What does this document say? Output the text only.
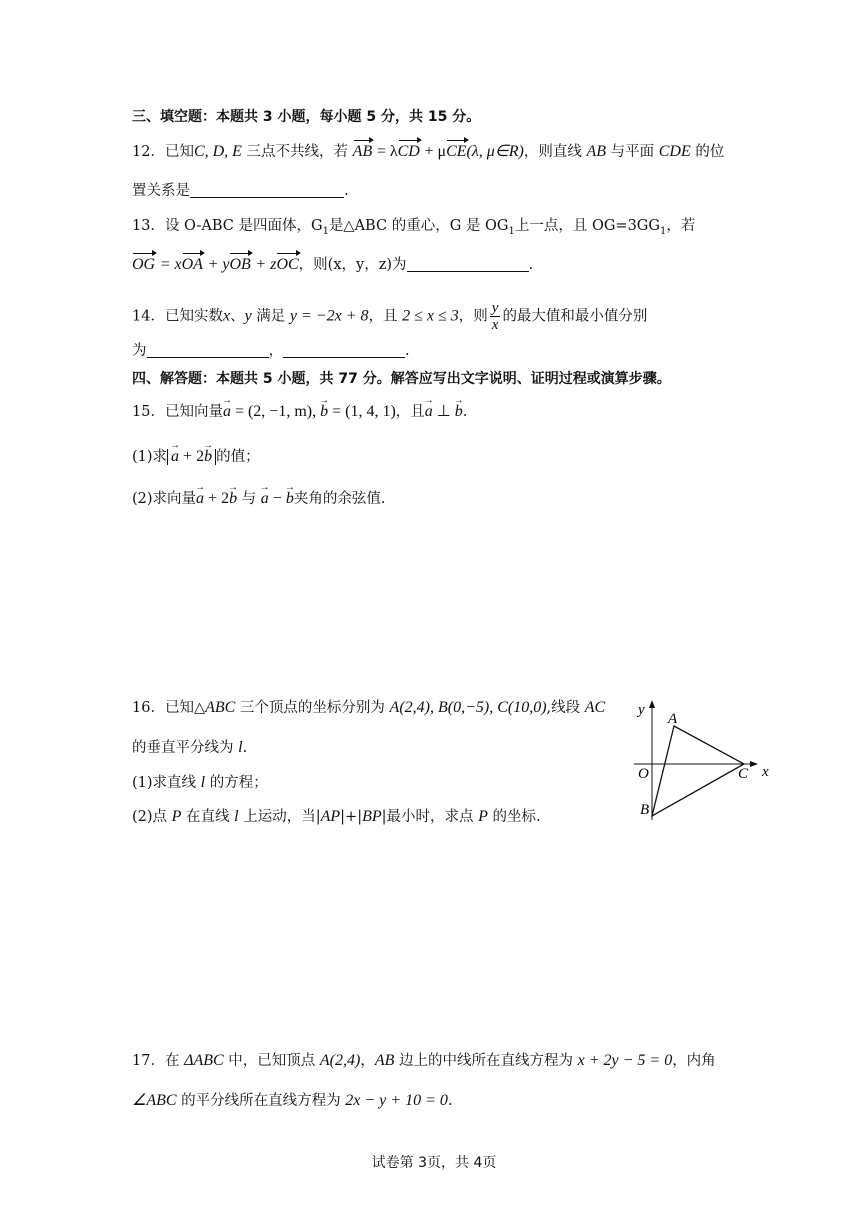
三、填空题：本题共 3 小题，每小题 5 分，共 15 分。
12．已知C, D, E 三点不共线，若 AB = λCD + μCE(λ, μ∈R)，则直线 AB 与平面 CDE 的位
置关系是	.
13．设 O-ABC 是四面体，$G_1$是△ABC 的重心，G 是 $OG_1$上一点，且 $OG=3GG_1$，若
OG = xOA + yOB + zOC，则(x，y，z)为	.
14．已知实数x、y 满足 y = −2x + 8，且 2 ≤ x ≤ 3，则 $\frac{y}{x}$ 的最大值和最小值分别
为	，	.
四、解答题：本题共 5 小题，共 77 分。解答应写出文字说明、证明过程或演算步骤。
15．已知向量→ a = (2, −1, m), → b = (1, 4, 1)，且→ a ⊥ → b.
(1)求→ a + 2→ b 的值；
(2)求向量→ a + 2→ b 与 → a − → b夹角的余弦值.
16．已知△ABC 三个顶点的坐标分别为 A(2,4), B(0,−5), C(10,0),线段 AC
的垂直平分线为 l.
(1)求直线 l 的方程；
(2)点 P 在直线 l 上运动，当|AP|+|BP|最小时，求点 P 的坐标.
y
x
A
O	C
B
17．在 ΔABC 中，已知顶点 A(2,4)，AB 边上的中线所在直线方程为 x + 2y − 5 = 0，内角
∠ABC 的平分线所在直线方程为 2x − y + 10 = 0.
试卷第 3页，共 4页
